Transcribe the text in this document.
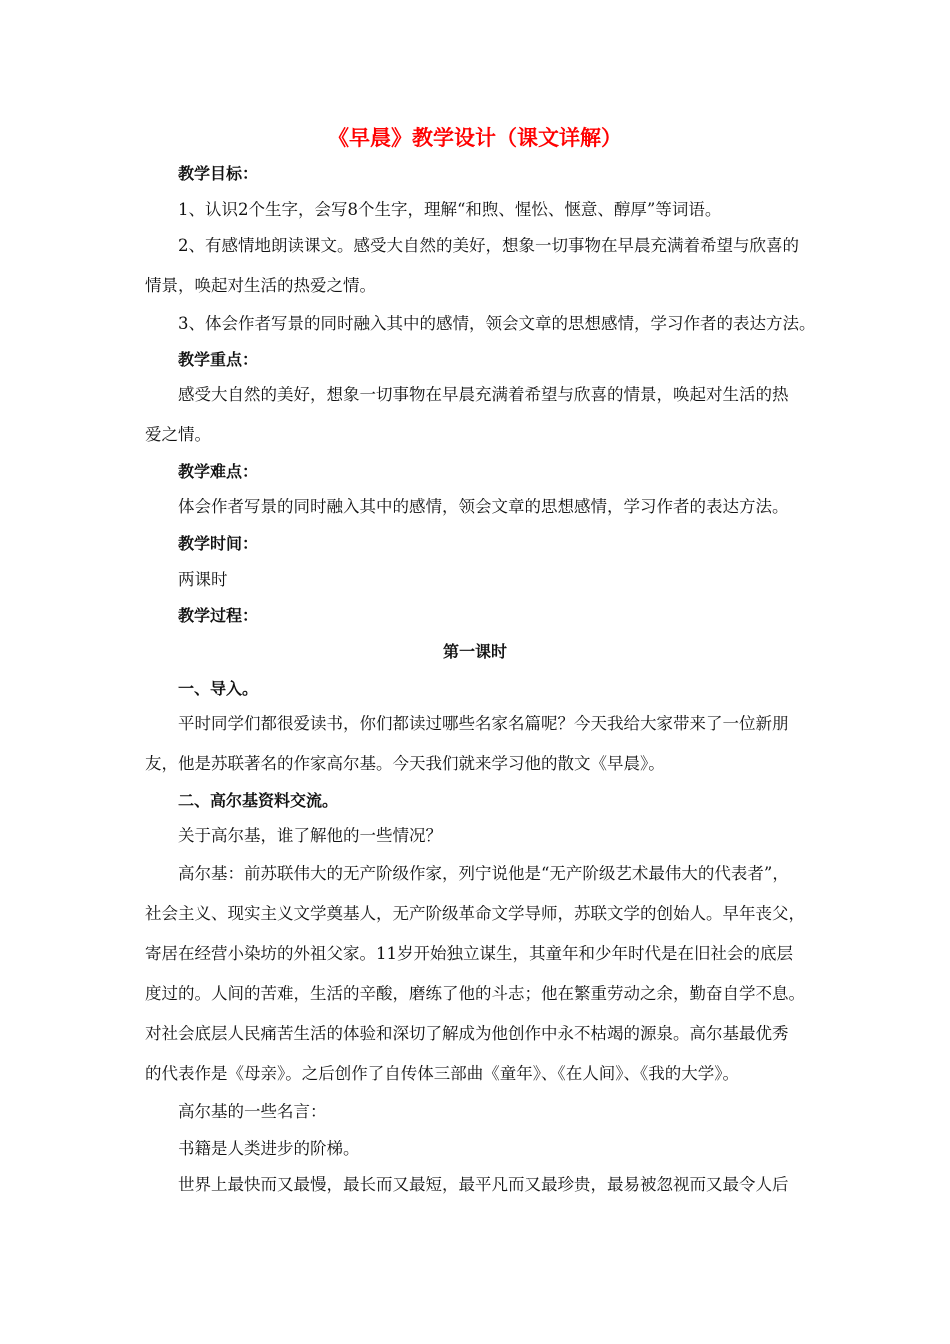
《早晨》教学设计（课文详解）
教学目标：
1、认识2个生字，会写8个生字，理解“和煦、惺忪、惬意、醇厚”等词语。
2、有感情地朗读课文。感受大自然的美好，想象一切事物在早晨充满着希望与欣喜的
情景，唤起对生活的热爱之情。
3、体会作者写景的同时融入其中的感情，领会文章的思想感情，学习作者的表达方法。
教学重点：
感受大自然的美好，想象一切事物在早晨充满着希望与欣喜的情景，唤起对生活的热
爱之情。
教学难点：
体会作者写景的同时融入其中的感情，领会文章的思想感情，学习作者的表达方法。
教学时间：
两课时
教学过程：
第一课时
一、导入。
平时同学们都很爱读书，你们都读过哪些名家名篇呢？今天我给大家带来了一位新朋
友，他是苏联著名的作家高尔基。今天我们就来学习他的散文《早晨》。
二、高尔基资料交流。
关于高尔基，谁了解他的一些情况？
高尔基：前苏联伟大的无产阶级作家，列宁说他是“无产阶级艺术最伟大的代表者”，
社会主义、现实主义文学奠基人，无产阶级革命文学导师，苏联文学的创始人。早年丧父，
寄居在经营小染坊的外祖父家。11岁开始独立谋生，其童年和少年时代是在旧社会的底层
度过的。人间的苦难，生活的辛酸，磨练了他的斗志；他在繁重劳动之余，勤奋自学不息。
对社会底层人民痛苦生活的体验和深切了解成为他创作中永不枯竭的源泉。高尔基最优秀
的代表作是《母亲》。之后创作了自传体三部曲《童年》、《在人间》、《我的大学》。
高尔基的一些名言：
书籍是人类进步的阶梯。
世界上最快而又最慢，最长而又最短，最平凡而又最珍贵，最易被忽视而又最令人后
